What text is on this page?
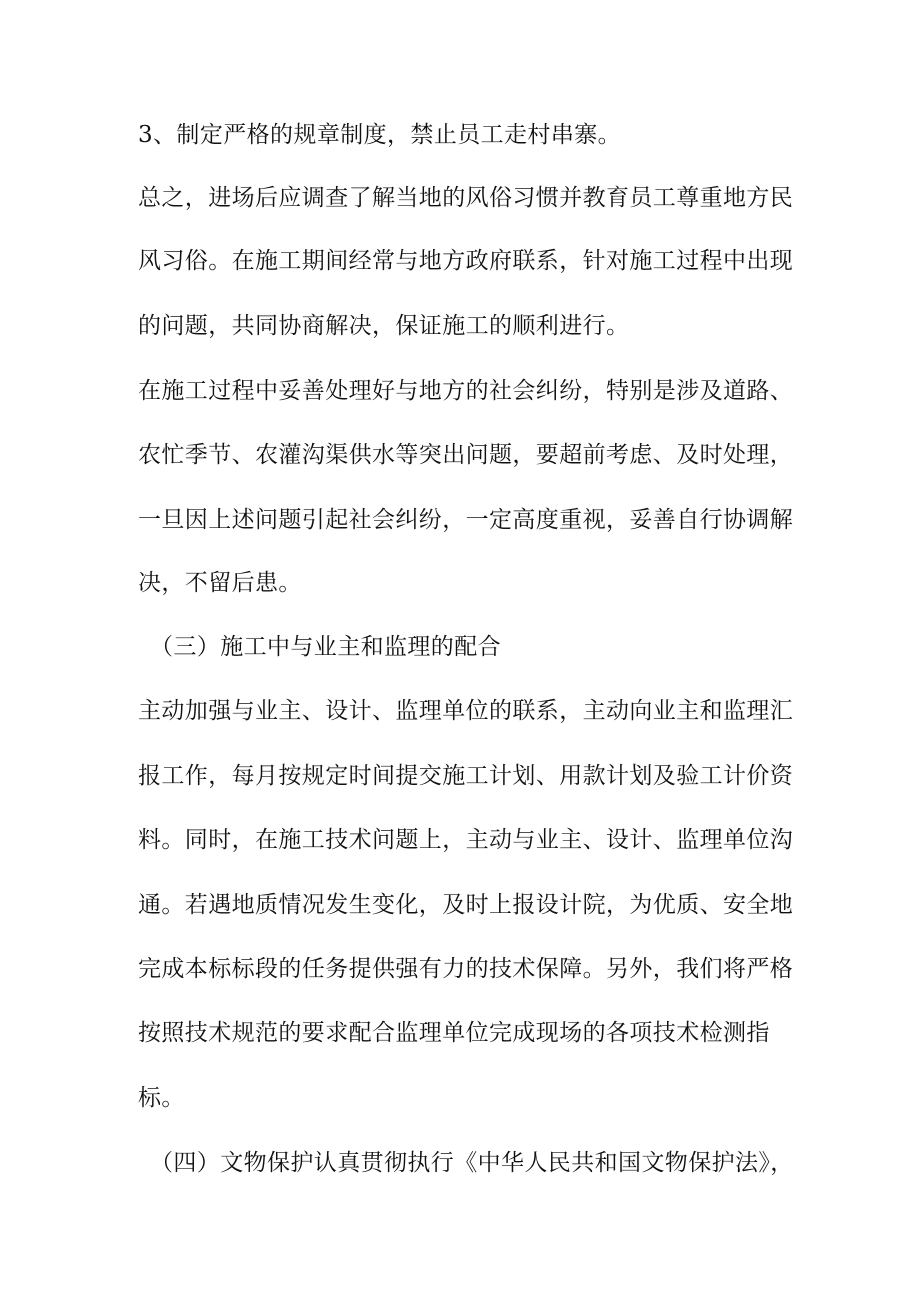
3、制定严格的规章制度，禁止员工走村串寨。
总之，进场后应调查了解当地的风俗习惯并教育员工尊重地方民
风习俗。在施工期间经常与地方政府联系，针对施工过程中出现
的问题，共同协商解决，保证施工的顺利进行。
在施工过程中妥善处理好与地方的社会纠纷，特别是涉及道路、
农忙季节、农灌沟渠供水等突出问题，要超前考虑、及时处理，
一旦因上述问题引起社会纠纷，一定高度重视，妥善自行协调解
决，不留后患。
（三）施工中与业主和监理的配合
主动加强与业主、设计、监理单位的联系，主动向业主和监理汇
报工作，每月按规定时间提交施工计划、用款计划及验工计价资
料。同时，在施工技术问题上，主动与业主、设计、监理单位沟
通。若遇地质情况发生变化，及时上报设计院，为优质、安全地
完成本标标段的任务提供强有力的技术保障。另外，我们将严格
按照技术规范的要求配合监理单位完成现场的各项技术检测指
标。
（四）文物保护认真贯彻执行《中华人民共和国文物保护法》，
